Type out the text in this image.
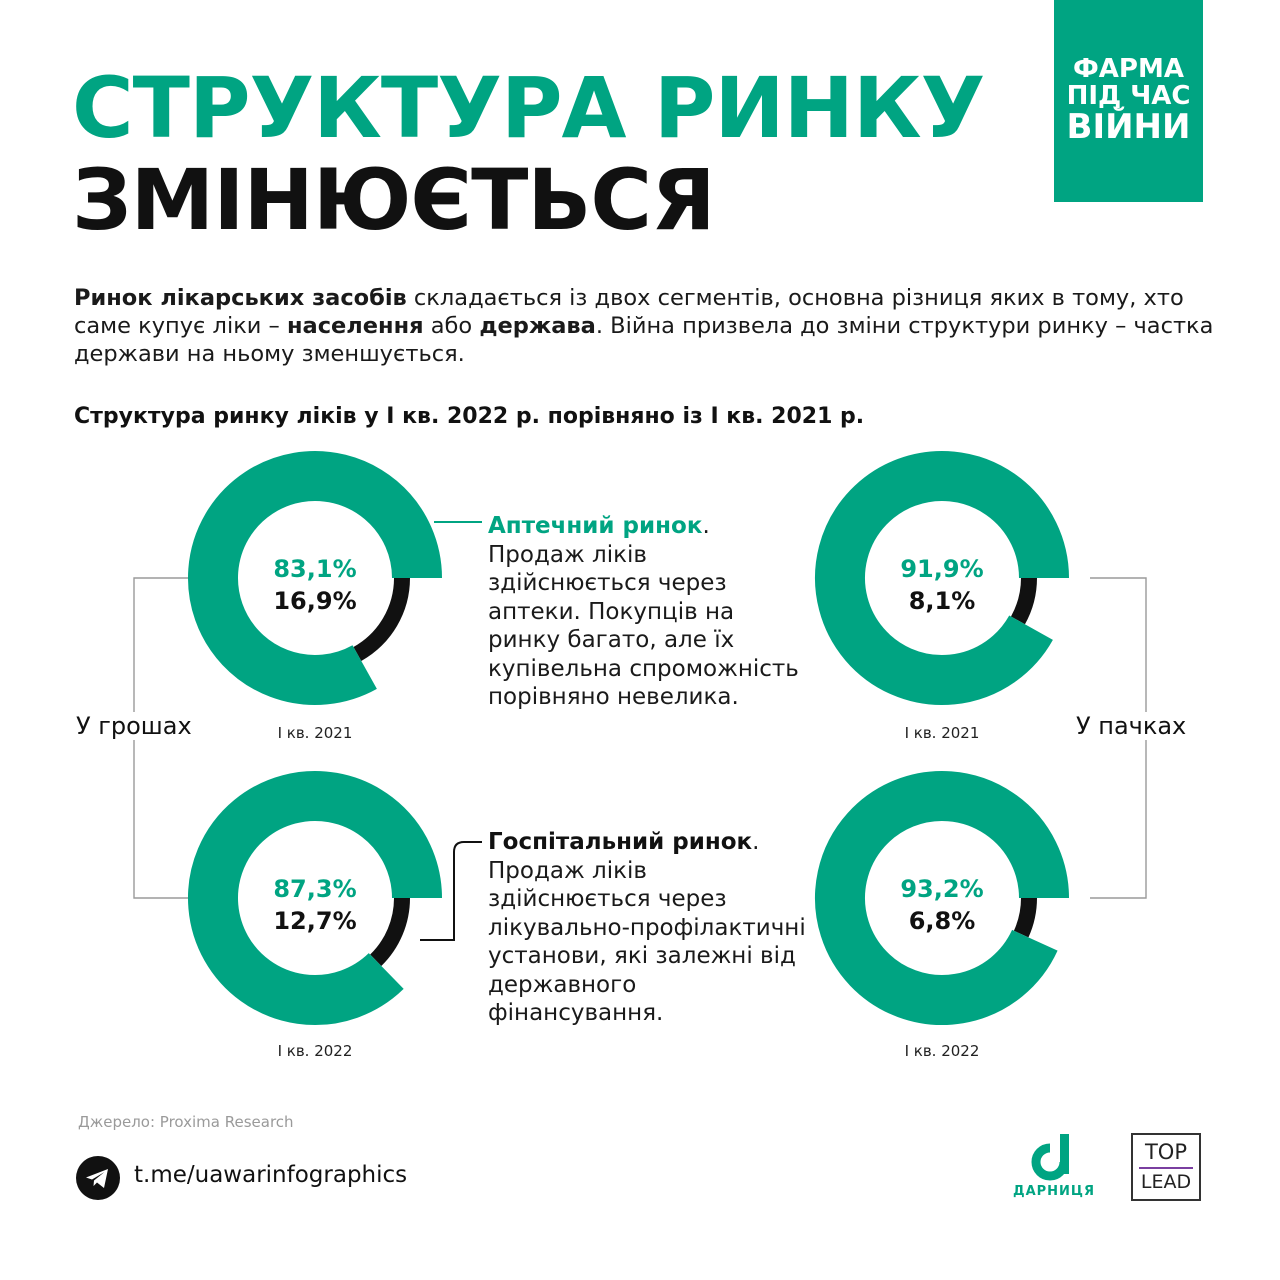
СТРУКТУРА РИНКУ
ЗМІНЮЄТЬСЯ
ФАРМА
ПІД ЧАС
ВІЙНИ
Ринок лікарських засобів складається із двох сегментів, основна різниця яких в тому, хто саме купує ліки – населення або держава. Війна призвела до зміни структури ринку – частка держави на ньому зменшується.
Структура ринку ліків у І кв. 2022 р. порівняно із І кв. 2021 р.
83,1%
16,9%
І кв. 2021
87,3%
12,7%
І кв. 2022
91,9%
8,1%
І кв. 2021
93,2%
6,8%
І кв. 2022
У грошах	У пачках
Аптечний ринок.
Продаж ліків здійснюється через аптеки. Покупців на ринку багато, але їх купівельна спроможність порівняно невелика.
Госпітальний ринок.
Продаж ліків здійснюється через лікувально-профілактичні установи, які залежні від державного фінансування.
Джерело: Proxima Research
t.me/uawarinfographics
ДАРНИЦЯ
TOP
LEAD
